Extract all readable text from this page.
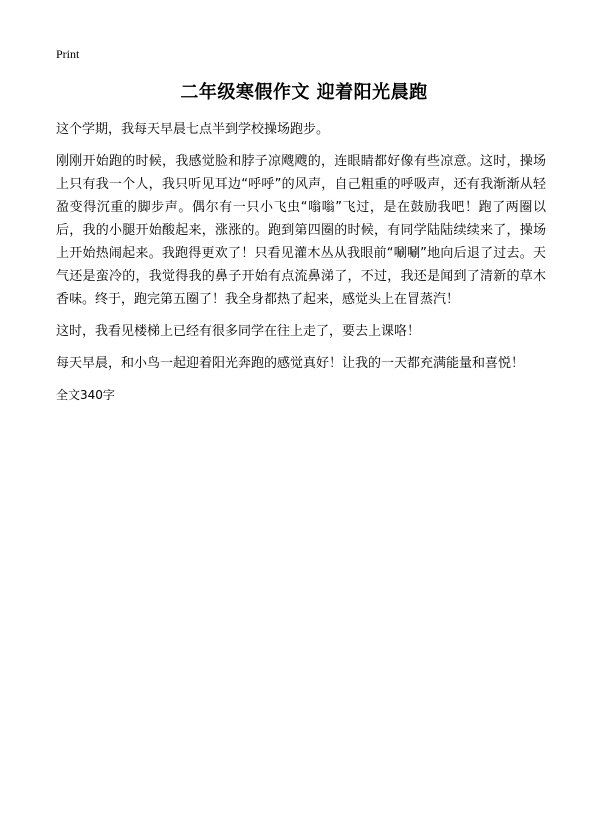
Print
二年级寒假作文 迎着阳光晨跑

这个学期，我每天早晨七点半到学校操场跑步。

刚刚开始跑的时候，我感觉脸和脖子凉飕飕的，连眼睛都好像有些凉意。这时，操场上只有我一个人，我只听见耳边“呼呼”的风声，自己粗重的呼吸声，还有我渐渐从轻盈变得沉重的脚步声。偶尔有一只小飞虫“嗡嗡”飞过，是在鼓励我吧！跑了两圈以后，我的小腿开始酸起来，涨涨的。跑到第四圈的时候，有同学陆陆续续来了，操场上开始热闹起来。我跑得更欢了！只看见灌木丛从我眼前“唰唰”地向后退了过去。天气还是蛮冷的，我觉得我的鼻子开始有点流鼻涕了，不过，我还是闻到了清新的草木香味。终于，跑完第五圈了！我全身都热了起来，感觉头上在冒蒸汽！

这时，我看见楼梯上已经有很多同学在往上走了，要去上课咯！

每天早晨，和小鸟一起迎着阳光奔跑的感觉真好！让我的一天都充满能量和喜悦！

全文340字
